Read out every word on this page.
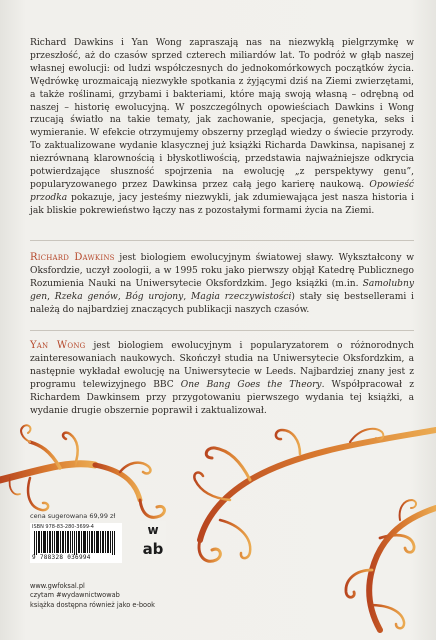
Richard Dawkins i Yan Wong zapraszają nas na niezwykłą pielgrzymkę w przeszłość, aż do czasów sprzed czterech miliardów lat. To podróż w głąb naszej własnej ewolucji: od ludzi współczesnych do jednokomórkowych początków życia. Wędrówkę urozmaicają niezwykłe spotkania z żyjącymi dziś na Ziemi zwierzętami, a także roślinami, grzybami i bakteriami, które mają swoją własną – odrębną od naszej – historię ewolucyjną. W poszczególnych opowieściach Dawkins i Wong rzucają światło na takie tematy, jak zachowanie, specjacja, genetyka, seks i wymieranie. W efekcie otrzymujemy obszerny przegląd wiedzy o świecie przyrody. To zaktualizowane wydanie klasycznej już książki Richarda Dawkinsa, napisanej z niezrównaną klarownością i błyskotliwością, przedstawia najważniejsze odkrycia potwierdzające słuszność spojrzenia na ewolucję „z perspektywy genu”, popularyzowanego przez Dawkinsa przez całą jego karierę naukową. Opowieść przodka pokazuje, jacy jesteśmy niezwykli, jak zdumiewająca jest nasza historia i jak bliskie pokrewieństwo łączy nas z pozostałymi formami życia na Ziemi.

Richard Dawkins jest biologiem ewolucyjnym światowej sławy. Wykształcony w Oksfordzie, uczył zoologii, a w 1995 roku jako pierwszy objął Katedrę Publicznego Rozumienia Nauki na Uniwersytecie Oksfordzkim. Jego książki (m.in. Samolubny gen, Rzeka genów, Bóg urojony, Magia rzeczywistości) stały się bestsellerami i należą do najbardziej znaczących publikacji naszych czasów.

Yan Wong jest biologiem ewolucyjnym i popularyzatorem o różnorodnych zainteresowaniach naukowych. Skończył studia na Uniwersytecie Oksfordzkim, a następnie wykładał ewolucję na Uniwersytecie w Leeds. Najbardziej znany jest z programu telewizyjnego BBC One Bang Goes the Theory. Współpracował z Richardem Dawkinsem przy przygotowaniu pierwszego wydania tej książki, a wydanie drugie obszernie poprawił i zaktualizował.

cena sugerowana 69,99 zł
ISBN 978-83-280-3699-4
9 788328 036994
w
ab
www.gwfoksal.pl
czytam #wydawnictwowab
książka dostępna również jako e-book
